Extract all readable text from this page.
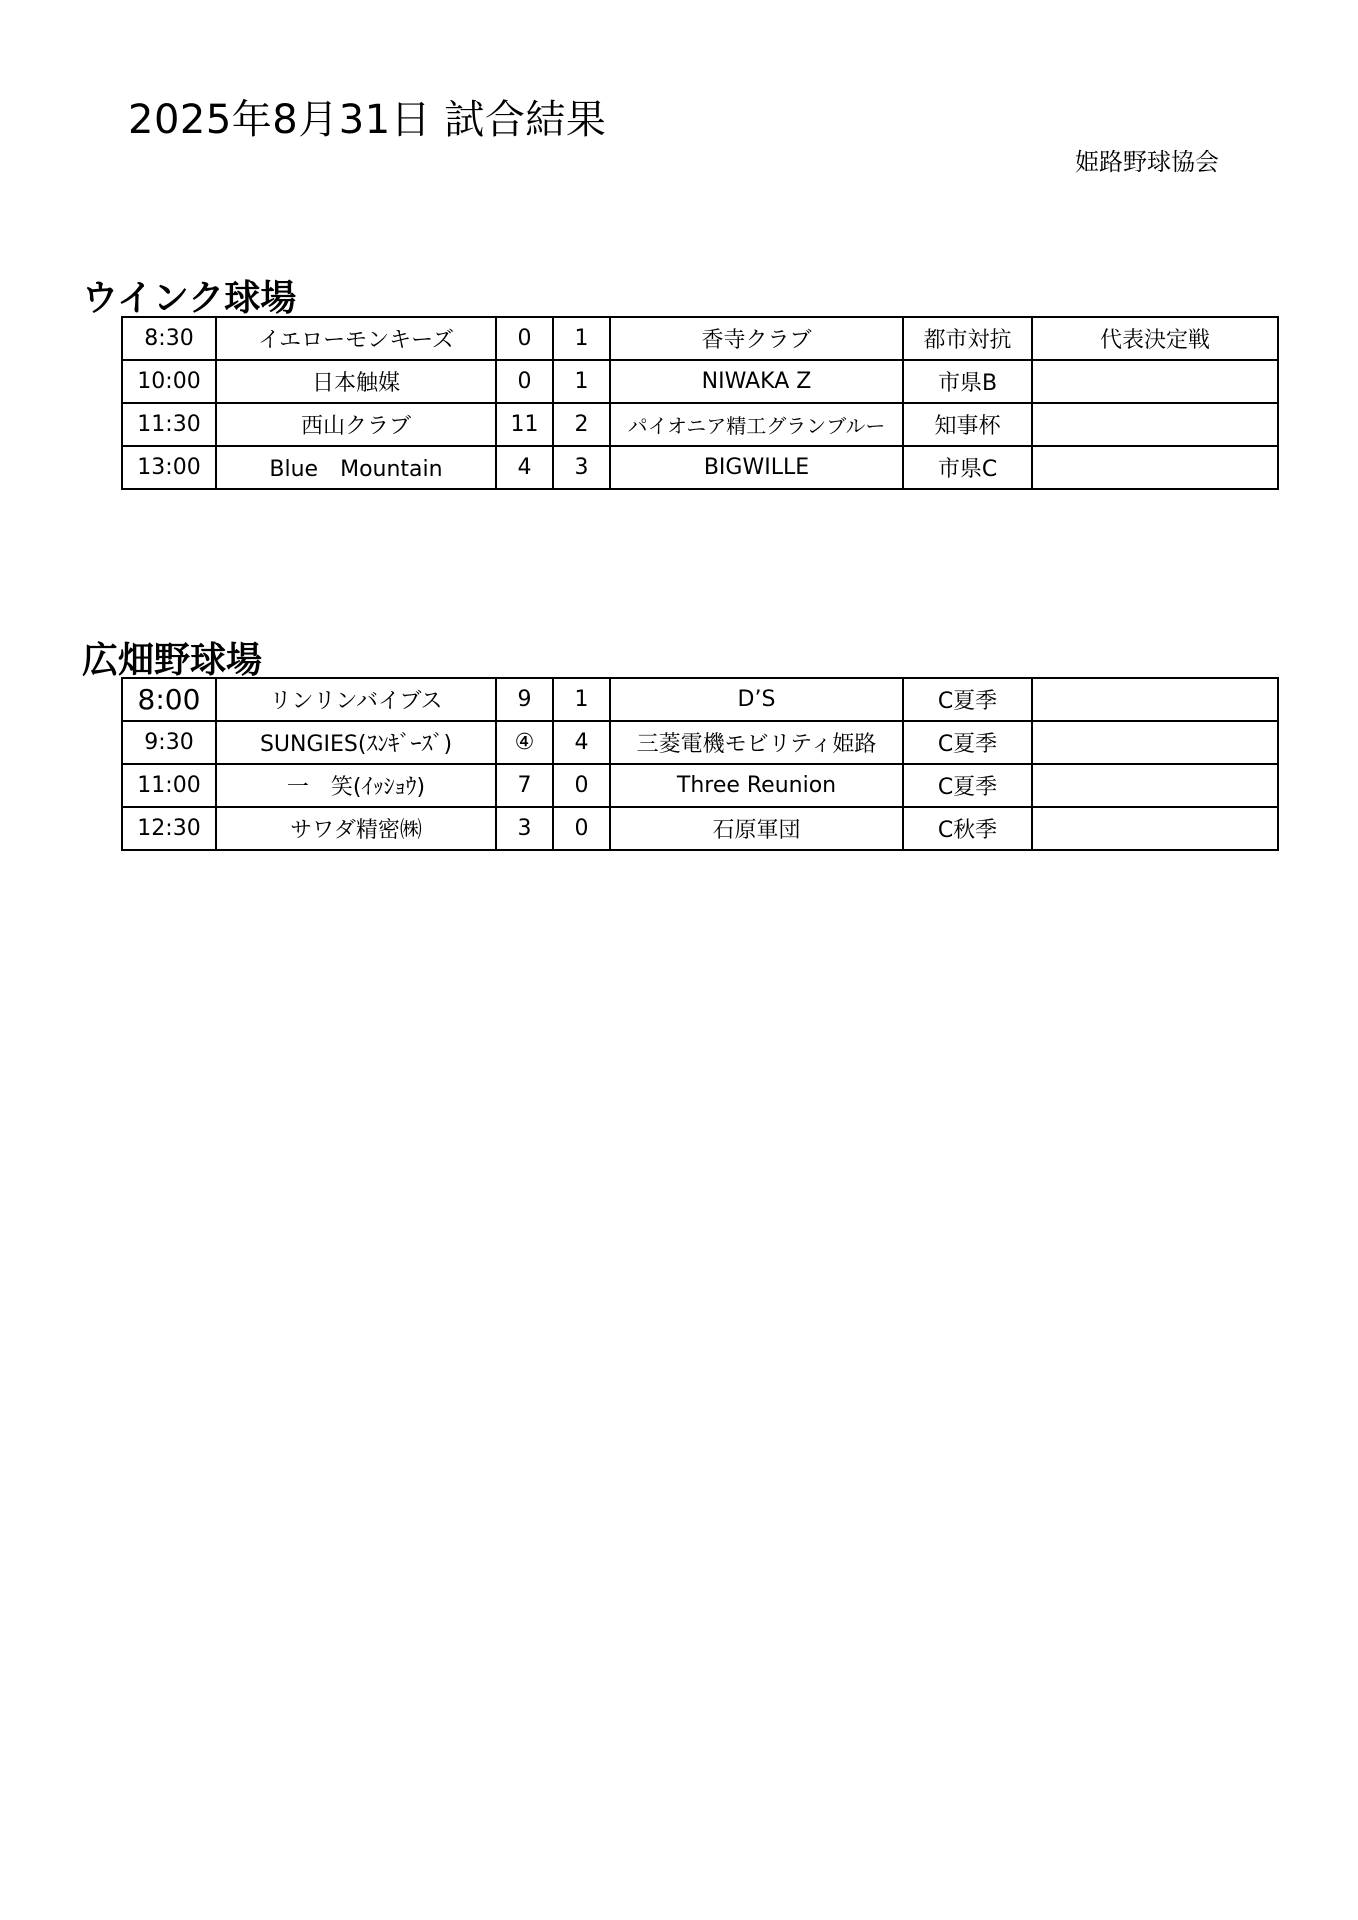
2025年8月31日 試合結果
姫路野球協会
ウインク球場
8:30	イエローモンキーズ	0	1	香寺クラブ	都市対抗	代表決定戦
10:00	日本触媒	0	1	NIWAKA Z	市県B	
11:30	西山クラブ	11	2	パイオニア精工グランブルー	知事杯	
13:00	Blue　Mountain	4	3	BIGWILLE	市県C	
広畑野球場
8:00	リンリンバイブス	9	1	D’S	C夏季	
9:30	SUNGIES(ｽﾝｷﾞｰｽﾞ)	④	4	三菱電機モビリティ姫路	C夏季	
11:00	一　笑(ｲｯｼｮｳ)	7	0	Three Reunion	C夏季	
12:30	サワダ精密㈱	3	0	石原軍団	C秋季	
